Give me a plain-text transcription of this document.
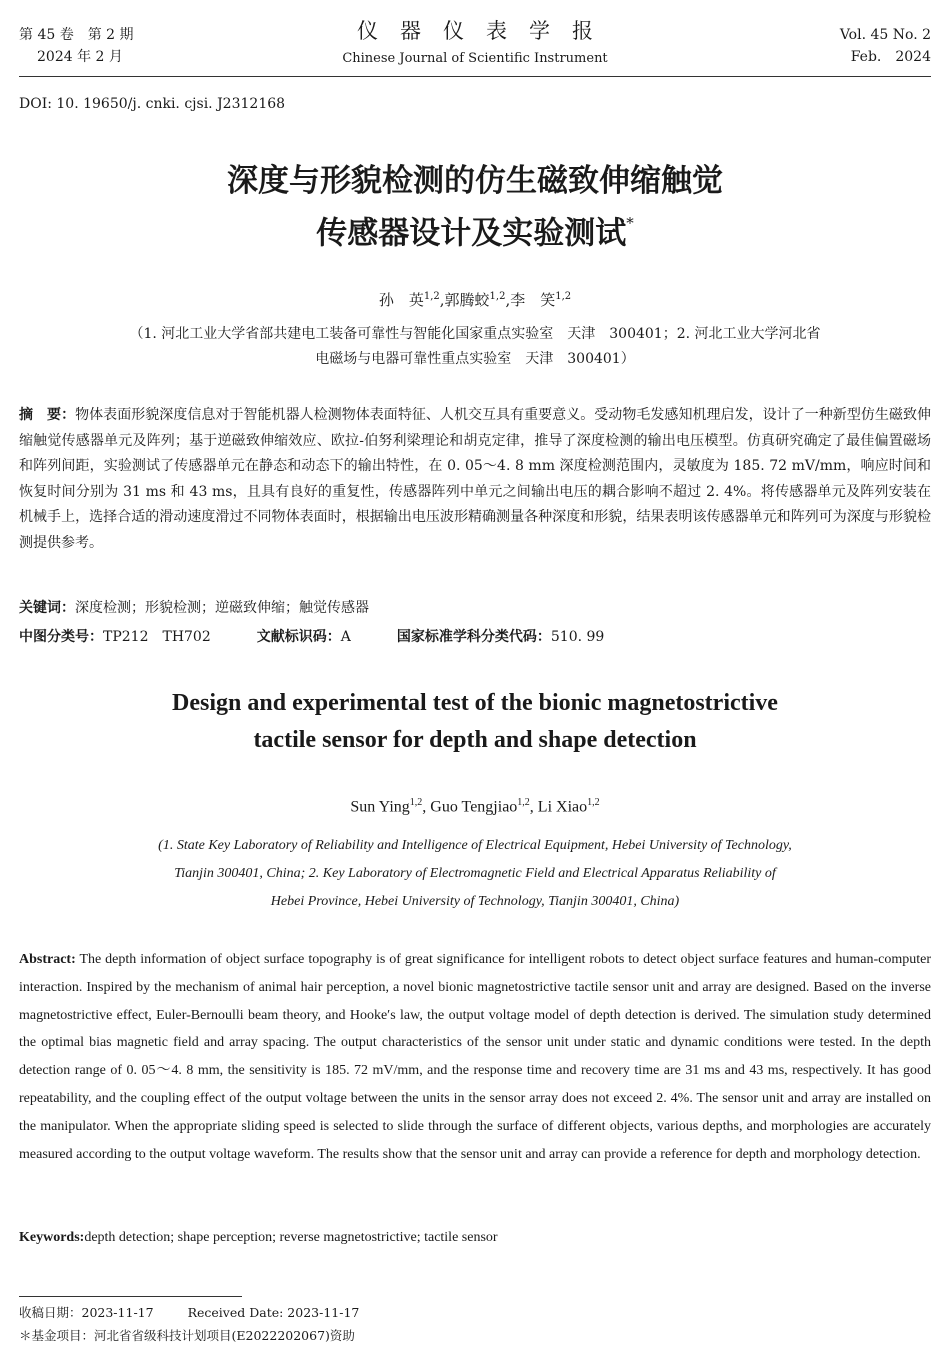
第 45 卷　第 2 期
2024 年 2 月
仪器仪表学报
Chinese Journal of Scientific Instrument
Vol. 45 No. 2
Feb.　2024
DOI: 10. 19650/j. cnki. cjsi. J2312168
深度与形貌检测的仿生磁致伸缩触觉
传感器设计及实验测试*
孙　英$^{1,2}$,郭腾蛟$^{1,2}$,李　笑$^{1,2}$
（1. 河北工业大学省部共建电工装备可靠性与智能化国家重点实验室　天津　300401；2. 河北工业大学河北省
电磁场与电器可靠性重点实验室　天津　300401）
摘　要：物体表面形貌深度信息对于智能机器人检测物体表面特征、人机交互具有重要意义。受动物毛发感知机理启发，设计了一种新型仿生磁致伸缩触觉传感器单元及阵列；基于逆磁致伸缩效应、欧拉-伯努利梁理论和胡克定律，推导了深度检测的输出电压模型。仿真研究确定了最佳偏置磁场和阵列间距，实验测试了传感器单元在静态和动态下的输出特性，在 0. 05～4. 8 mm 深度检测范围内，灵敏度为 185. 72 mV/mm，响应时间和恢复时间分别为 31 ms 和 43 ms，且具有良好的重复性，传感器阵列中单元之间输出电压的耦合影响不超过 2. 4%。将传感器单元及阵列安装在机械手上，选择合适的滑动速度滑过不同物体表面时，根据输出电压波形精确测量各种深度和形貌，结果表明该传感器单元和阵列可为深度与形貌检测提供参考。
关键词：深度检测；形貌检测；逆磁致伸缩；触觉传感器
中图分类号：TP212　TH702	文献标识码：A	国家标准学科分类代码：510. 99
Design and experimental test of the bionic magnetostrictive
tactile sensor for depth and shape detection
Sun Ying$^{1,2}$, Guo Tengjiao$^{1,2}$, Li Xiao$^{1,2}$
(1. State Key Laboratory of Reliability and Intelligence of Electrical Equipment, Hebei University of Technology,
Tianjin 300401, China; 2. Key Laboratory of Electromagnetic Field and Electrical Apparatus Reliability of
Hebei Province, Hebei University of Technology, Tianjin 300401, China)
Abstract: The depth information of object surface topography is of great significance for intelligent robots to detect object surface features and human-computer interaction. Inspired by the mechanism of animal hair perception, a novel bionic magnetostrictive tactile sensor unit and array are designed. Based on the inverse magnetostrictive effect, Euler-Bernoulli beam theory, and Hooke′s law, the output voltage model of depth detection is derived. The simulation study determined the optimal bias magnetic field and array spacing. The output characteristics of the sensor unit under static and dynamic conditions were tested. In the depth detection range of 0. 05～4. 8 mm, the sensitivity is 185. 72 mV/mm, and the response time and recovery time are 31 ms and 43 ms, respectively. It has good repeatability, and the coupling effect of the output voltage between the units in the sensor array does not exceed 2. 4%. The sensor unit and array are installed on the manipulator. When the appropriate sliding speed is selected to slide through the surface of different objects, various depths, and morphologies are accurately measured according to the output voltage waveform. The results show that the sensor unit and array can provide a reference for depth and morphology detection.
Keywords:depth detection; shape perception; reverse magnetostrictive; tactile sensor
收稿日期：2023-11-17	Received Date: 2023-11-17
＊基金项目：河北省省级科技计划项目(E2022202067)资助
